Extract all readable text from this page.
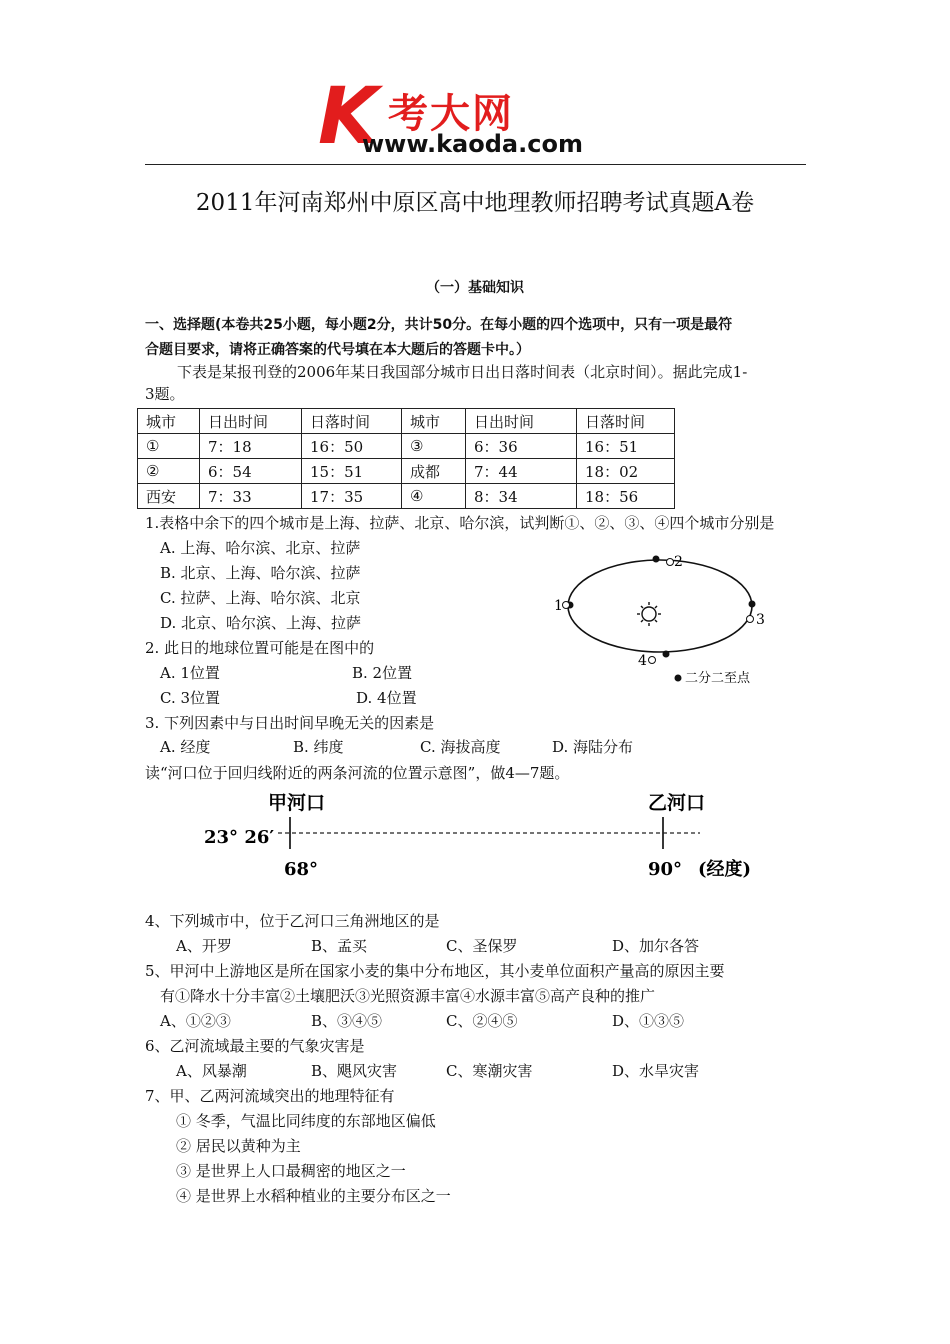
K 考大网
www.kaoda.com
2011年河南郑州中原区高中地理教师招聘考试真题A卷
（一）基础知识
一、选择题(本卷共25小题，每小题2分，共计50分。在每小题的四个选项中，只有一项是最符
合题目要求，请将正确答案的代号填在本大题后的答题卡中。）
下表是某报刊登的2006年某日我国部分城市日出日落时间表（北京时间）。据此完成1-
3题。
城市	日出时间	日落时间	城市	日出时间	日落时间
①	7：18	16：50	③	6：36	16：51
②	6：54	15：51	成都	7：44	18：02
西安	7：33	17：35	④	8：34	18：56
1.表格中余下的四个城市是上海、拉萨、北京、哈尔滨，试判断①、②、③、④四个城市分别是
A. 上海、哈尔滨、北京、拉萨
B. 北京、上海、哈尔滨、拉萨
C. 拉萨、上海、哈尔滨、北京
D. 北京、哈尔滨、上海、拉萨
2. 此日的地球位置可能是在图中的
A. 1位置	B. 2位置
C. 3位置	D. 4位置
3. 下列因素中与日出时间早晚无关的因素是
A. 经度	B. 纬度	C. 海拔高度	D. 海陆分布
2
3
4
1
二分二至点
读“河口位于回归线附近的两条河流的位置示意图”，做4—7题。
甲河口	乙河口
23° 26′
68°	90° (经度)
4、下列城市中，位于乙河口三角洲地区的是
A、开罗	B、孟买	C、圣保罗	D、加尔各答
5、甲河中上游地区是所在国家小麦的集中分布地区，其小麦单位面积产量高的原因主要
有①降水十分丰富②土壤肥沃③光照资源丰富④水源丰富⑤高产良种的推广
A、①②③	B、③④⑤	C、②④⑤	D、①③⑤
6、乙河流域最主要的气象灾害是
A、风暴潮	B、飓风灾害	C、寒潮灾害	D、水旱灾害
7、甲、乙两河流域突出的地理特征有
① 冬季，气温比同纬度的东部地区偏低
② 居民以黄种为主
③ 是世界上人口最稠密的地区之一
④ 是世界上水稻种植业的主要分布区之一
